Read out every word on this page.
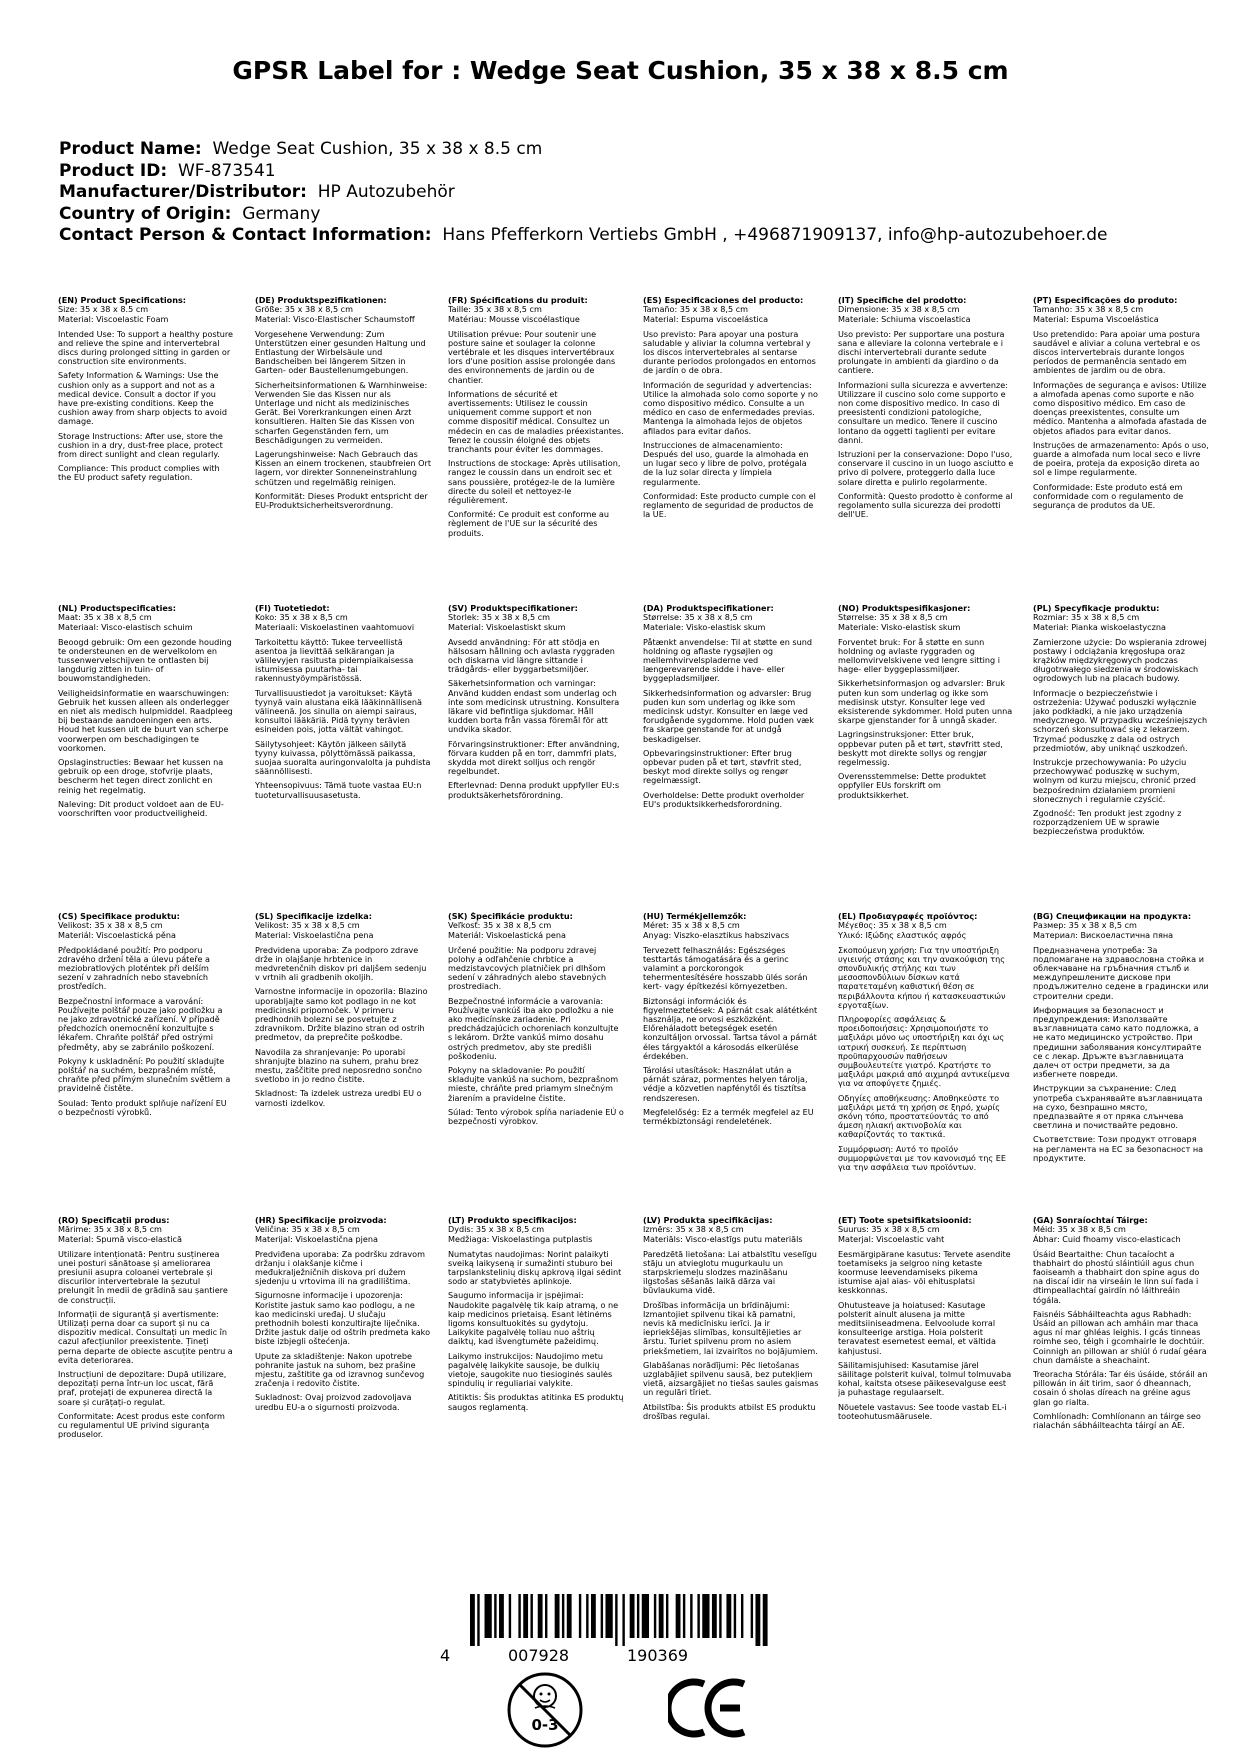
GPSR Label for : Wedge Seat Cushion, 35 x 38 x 8.5 cm
Product Name: Wedge Seat Cushion, 35 x 38 x 8.5 cm
Product ID: WF-873541
Manufacturer/Distributor: HP Autozubehör
Country of Origin: Germany
Contact Person & Contact Information: Hans Pfefferkorn Vertiebs GmbH , +496871909137, info@hp-autozubehoer.de
(EN) Product Specifications:

Size: 35 x 38 x 8.5 cm

Material: Viscoelastic Foam

Intended Use: To support a healthy posture and relieve the spine and intervertebral discs during prolonged sitting in garden or construction site environments.

Safety Information & Warnings: Use the cushion only as a support and not as a medical device. Consult a doctor if you have pre-existing conditions. Keep the cushion away from sharp objects to avoid damage.

Storage Instructions: After use, store the cushion in a dry, dust-free place, protect from direct sunlight and clean regularly.

Compliance: This product complies with the EU product safety regulation.

(DE) Produktspezifikationen:

Größe: 35 x 38 x 8,5 cm

Material: Visco-Elastischer Schaumstoff

Vorgesehene Verwendung: Zum Unterstützen einer gesunden Haltung und Entlastung der Wirbelsäule und Bandscheiben bei längerem Sitzen in Garten- oder Baustellenumgebungen.

Sicherheitsinformationen & Warnhinweise: Verwenden Sie das Kissen nur als Unterlage und nicht als medizinisches Gerät. Bei Vorerkrankungen einen Arzt konsultieren. Halten Sie das Kissen von scharfen Gegenständen fern, um Beschädigungen zu vermeiden.

Lagerungshinweise: Nach Gebrauch das Kissen an einem trockenen, staubfreien Ort lagern, vor direkter Sonneneinstrahlung schützen und regelmäßig reinigen.

Konformität: Dieses Produkt entspricht der EU-Produktsicherheitsverordnung.

(FR) Spécifications du produit:

Taille: 35 x 38 x 8,5 cm

Matériau: Mousse viscoélastique

Utilisation prévue: Pour soutenir une posture saine et soulager la colonne vertébrale et les disques intervertébraux lors d'une position assise prolongée dans des environnements de jardin ou de chantier.

Informations de sécurité et avertissements: Utilisez le coussin uniquement comme support et non comme dispositif médical. Consultez un médecin en cas de maladies préexistantes. Tenez le coussin éloigné des objets tranchants pour éviter les dommages.

Instructions de stockage: Après utilisation, rangez le coussin dans un endroit sec et sans poussière, protégez-le de la lumière directe du soleil et nettoyez-le régulièrement.

Conformité: Ce produit est conforme au règlement de l'UE sur la sécurité des produits.

(ES) Especificaciones del producto:

Tamaño: 35 x 38 x 8,5 cm

Material: Espuma viscoelástica

Uso previsto: Para apoyar una postura saludable y aliviar la columna vertebral y los discos intervertebrales al sentarse durante periodos prolongados en entornos de jardín o de obra.

Información de seguridad y advertencias: Utilice la almohada solo como soporte y no como dispositivo médico. Consulte a un médico en caso de enfermedades previas. Mantenga la almohada lejos de objetos afilados para evitar daños.

Instrucciones de almacenamiento: Después del uso, guarde la almohada en un lugar seco y libre de polvo, protégala de la luz solar directa y límpiela regularmente.

Conformidad: Este producto cumple con el reglamento de seguridad de productos de la UE.

(IT) Specifiche del prodotto:

Dimensione: 35 x 38 x 8,5 cm

Materiale: Schiuma viscoelastica

Uso previsto: Per supportare una postura sana e alleviare la colonna vertebrale e i dischi intervertebrali durante sedute prolungate in ambienti da giardino o da cantiere.

Informazioni sulla sicurezza e avvertenze: Utilizzare il cuscino solo come supporto e non come dispositivo medico. In caso di preesistenti condizioni patologiche, consultare un medico. Tenere il cuscino lontano da oggetti taglienti per evitare danni.

Istruzioni per la conservazione: Dopo l'uso, conservare il cuscino in un luogo asciutto e privo di polvere, proteggerlo dalla luce solare diretta e pulirlo regolarmente.

Conformità: Questo prodotto è conforme al regolamento sulla sicurezza dei prodotti dell'UE.

(PT) Especificações do produto:

Tamanho: 35 x 38 x 8,5 cm

Material: Espuma Viscoelástica

Uso pretendido: Para apoiar uma postura saudável e aliviar a coluna vertebral e os discos intervertebrais durante longos períodos de permanência sentado em ambientes de jardim ou de obra.

Informações de segurança e avisos: Utilize a almofada apenas como suporte e não como dispositivo médico. Em caso de doenças preexistentes, consulte um médico. Mantenha a almofada afastada de objetos afiados para evitar danos.

Instruções de armazenamento: Após o uso, guarde a almofada num local seco e livre de poeira, proteja da exposição direta ao sol e limpe regularmente.

Conformidade: Este produto está em conformidade com o regulamento de segurança de produtos da UE.

(NL) Productspecificaties:

Maat: 35 x 38 x 8,5 cm

Materiaal: Visco-elastisch schuim

Beoogd gebruik: Om een gezonde houding te ondersteunen en de wervelkolom en tussenwervelschijven te ontlasten bij langdurig zitten in tuin- of bouwomstandigheden.

Veiligheidsinformatie en waarschuwingen: Gebruik het kussen alleen als onderlegger en niet als medisch hulpmiddel. Raadpleeg bij bestaande aandoeningen een arts. Houd het kussen uit de buurt van scherpe voorwerpen om beschadigingen te voorkomen.

Opslaginstructies: Bewaar het kussen na gebruik op een droge, stofvrije plaats, bescherm het tegen direct zonlicht en reinig het regelmatig.

Naleving: Dit product voldoet aan de EU-voorschriften voor productveiligheid.

(FI) Tuotetiedot:

Koko: 35 x 38 x 8,5 cm

Materiaali: Viskoelastinen vaahtomuovi

Tarkoitettu käyttö: Tukee terveellistä asentoa ja lievittää selkärangan ja välilevyjen rasitusta pidempiaikaisessa istumisessa puutarha- tai rakennustyöympäristössä.

Turvallisuustiedot ja varoitukset: Käytä tyynyä vain alustana eikä lääkinnällisenä välineenä. Jos sinulla on aiempi sairaus, konsultoi lääkäriä. Pidä tyyny terävien esineiden pois, jotta vältät vahingot.

Säilytysohjeet: Käytön jälkeen säilytä tyyny kuivassa, pölyttömässä paikassa, suojaa suoralta auringonvalolta ja puhdista säännöllisesti.

Yhteensopivuus: Tämä tuote vastaa EU:n tuoteturvallisuusasetusta.

(SV) Produktspecifikationer:

Storlek: 35 x 38 x 8,5 cm

Material: Viskoelastiskt skum

Avsedd användning: För att stödja en hälsosam hållning och avlasta ryggraden och diskarna vid längre sittande i trädgårds- eller byggarbetsmiljöer.

Säkerhetsinformation och varningar: Använd kudden endast som underlag och inte som medicinsk utrustning. Konsultera läkare vid befintliga sjukdomar. Håll kudden borta från vassa föremål för att undvika skador.

Förvaringsinstruktioner: Efter användning, förvara kudden på en torr, dammfri plats, skydda mot direkt solljus och rengör regelbundet.

Efterlevnad: Denna produkt uppfyller EU:s produktsäkerhetsförordning.

(DA) Produktspecifikationer:

Størrelse: 35 x 38 x 8,5 cm

Materiale: Visko-elastisk skum

Påtænkt anvendelse: Til at støtte en sund holdning og aflaste rygsøjlen og mellemhvirvelspladerne ved længerevarende sidde i have- eller byggepladsmiljøer.

Sikkerhedsinformation og advarsler: Brug puden kun som underlag og ikke som medicinsk udstyr. Konsulter en læge ved forudgående sygdomme. Hold puden væk fra skarpe genstande for at undgå beskadigelser.

Opbevaringsinstruktioner: Efter brug opbevar puden på et tørt, støvfrit sted, beskyt mod direkte sollys og rengør regelmæssigt.

Overholdelse: Dette produkt overholder EU's produktsikkerhedsforordning.

(NO) Produktspesifikasjoner:

Størrelse: 35 x 38 x 8,5 cm

Materiale: Visko-elastisk skum

Forventet bruk: For å støtte en sunn holdning og avlaste ryggraden og mellomvirvelskivene ved lengre sitting i hage- eller byggeplassmiljøer.

Sikkerhetsinformasjon og advarsler: Bruk puten kun som underlag og ikke som medisinsk utstyr. Konsulter lege ved eksisterende sykdommer. Hold puten unna skarpe gjenstander for å unngå skader.

Lagringsinstruksjoner: Etter bruk, oppbevar puten på et tørt, støvfritt sted, beskytt mot direkte sollys og rengjør regelmessig.

Overensstemmelse: Dette produktet oppfyller EUs forskrift om produktsikkerhet.

(PL) Specyfikacje produktu:

Rozmiar: 35 x 38 x 8,5 cm

Materiał: Pianka wiskoelastyczna

Zamierzone użycie: Do wspierania zdrowej postawy i odciążania kręgosłupa oraz krążków międzykręgowych podczas długotrwałego siedzenia w środowiskach ogrodowych lub na placach budowy.

Informacje o bezpieczeństwie i ostrzeżenia: Używać poduszki wyłącznie jako podkładki, a nie jako urządzenia medycznego. W przypadku wcześniejszych schorzeń skonsultować się z lekarzem. Trzymać poduszkę z dala od ostrych przedmiotów, aby uniknąć uszkodzeń.

Instrukcje przechowywania: Po użyciu przechowywać poduszkę w suchym, wolnym od kurzu miejscu, chronić przed bezpośrednim działaniem promieni słonecznych i regularnie czyścić.

Zgodność: Ten produkt jest zgodny z rozporządzeniem UE w sprawie bezpieczeństwa produktów.

(CS) Specifikace produktu:

Velikost: 35 x 38 x 8,5 cm

Materiál: Viscoelastická pěna

Předpokládané použití: Pro podporu zdravého držení těla a úlevu páteře a meziobratlových ploténtek při delším sezení v zahradních nebo stavebních prostředích.

Bezpečnostní informace a varování: Používejte polštář pouze jako podložku a ne jako zdravotnické zařízení. V případě předchozích onemocnění konzultujte s lékařem. Chraňte polštář před ostrými předměty, aby se zabránilo poškození.

Pokyny k uskladnění: Po použití skladujte polštář na suchém, bezprašném místě, chraňte před přímým slunečním světlem a pravidelně čistěte.

Soulad: Tento produkt splňuje nařízení EU o bezpečnosti výrobků.

(SL) Specifikacije izdelka:

Velikost: 35 x 38 x 8,5 cm

Material: Viskoelastična pena

Predvidena uporaba: Za podporo zdrave drže in olajšanje hrbtenice in medvretenčnih diskov pri daljšem sedenju v vrtnih ali gradbenih okoljih.

Varnostne informacije in opozorila: Blazino uporabljajte samo kot podlago in ne kot medicinski pripomoček. V primeru predhodnih bolezni se posvetujte z zdravnikom. Držite blazino stran od ostrih predmetov, da preprečite poškodbe.

Navodila za shranjevanje: Po uporabi shranjujte blazino na suhem, prahu brez mestu, zaščitite pred neposredno sončno svetlobo in jo redno čistite.

Skladnost: Ta izdelek ustreza uredbi EU o varnosti izdelkov.

(SK) Špecifikácie produktu:

Veľkosť: 35 x 38 x 8,5 cm

Materiál: Viskoelastická pena

Určené použitie: Na podporu zdravej polohy a odľahčenie chrbtice a medzistavcových platničiek pri dlhšom sedení v záhradných alebo stavebných prostrediach.

Bezpečnostné informácie a varovania: Používajte vankúš iba ako podložku a nie ako medicínske zariadenie. Pri predchádzajúcich ochoreniach konzultujte s lekárom. Držte vankúš mimo dosahu ostrých predmetov, aby ste predišli poškodeniu.

Pokyny na skladovanie: Po použití skladujte vankúš na suchom, bezprašnom mieste, chráňte pred priamym slnečným žiarením a pravidelne čistite.

Súlad: Tento výrobok spĺňa nariadenie EÚ o bezpečnosti výrobkov.

(HU) Termékjellemzők:

Méret: 35 x 38 x 8,5 cm

Anyag: Viszko-elasztikus habszivacs

Tervezett felhasználás: Egészséges testtartás támogatására és a gerinc valamint a porckorongok tehermentesítésére hosszabb ülés során kert- vagy építkezési környezetben.

Biztonsági információk és figyelmeztetések: A párnát csak alátétként használja, ne orvosi eszközként. Előreháladott betegségek esetén konzultáljon orvossal. Tartsa távol a párnát éles tárgyaktól a károsodás elkerülése érdekében.

Tárolási utasítások: Használat után a párnát száraz, pormentes helyen tárolja, védje a közvetlen napfénytől és tisztítsa rendszeresen.

Megfelelőség: Ez a termék megfelel az EU termékbiztonsági rendeletének.

(EL) Προδιαγραφές προϊόντος:

Μέγεθος: 35 x 38 x 8,5 cm

Υλικό: Ιξώδης ελαστικός αφρός

Σκοπούμενη χρήση: Για την υποστήριξη υγιεινής στάσης και την ανακούφιση της σπονδυλικής στήλης και των μεσοσπονδύλιων δίσκων κατά παρατεταμένη καθιστική θέση σε περιβάλλοντα κήπου ή κατασκευαστικών εργοταξίων.

Πληροφορίες ασφάλειας & προειδοποιήσεις: Χρησιμοποιήστε το μαξιλάρι μόνο ως υποστήριξη και όχι ως ιατρική συσκευή. Σε περίπτωση προϋπαρχουσών παθήσεων συμβουλευτείτε γιατρό. Κρατήστε το μαξιλάρι μακριά από αιχμηρά αντικείμενα για να αποφύγετε ζημιές.

Οδηγίες αποθήκευσης: Αποθηκεύστε το μαξιλάρι μετά τη χρήση σε ξηρό, χωρίς σκόνη τόπο, προστατεύοντάς το από άμεση ηλιακή ακτινοβολία και καθαρίζοντάς το τακτικά.

Συμμόρφωση: Αυτό το προϊόν συμμορφώνεται με τον κανονισμό της ΕΕ για την ασφάλεια των προϊόντων.

(BG) Спецификации на продукта:

Размер: 35 x 38 x 8,5 cm

Материал: Вискоеластична пяна

Предназначена употреба: За подпомагане на здравословна стойка и облекчаване на гръбначния стълб и междупрешлените дискове при продължително седене в градински или строителни среди.

Информация за безопасност и предупреждения: Използвайте възглавницата само като подложка, а не като медицинско устройство. При предишни заболявания консултирайте се с лекар. Дръжте възглавницата далеч от остри предмети, за да избегнете повреди.

Инструкции за съхранение: След употреба съхранявайте възглавницата на сухо, безпрашно място, предпазвайте я от пряка слънчева светлина и почиствайте редовно.

Съответствие: Този продукт отговаря на регламента на ЕС за безопасност на продуктите.

(RO) Specificații produs:

Mărime: 35 x 38 x 8,5 cm

Material: Spumă visco-elastică

Utilizare intenționată: Pentru susținerea unei posturi sănătoase și ameliorarea presiunii asupra coloanei vertebrale și discurilor intervertebrale la șezutul prelungit în medii de grădină sau șantiere de construcții.

Informații de siguranță și avertismente: Utilizați perna doar ca suport și nu ca dispozitiv medical. Consultați un medic în cazul afecțiunilor preexistente. Țineți perna departe de obiecte ascuțite pentru a evita deteriorarea.

Instrucțiuni de depozitare: După utilizare, depozitați perna într-un loc uscat, fără praf, protejați de expunerea directă la soare și curățați-o regulat.

Conformitate: Acest produs este conform cu regulamentul UE privind siguranța produselor.

(HR) Specifikacije proizvoda:

Veličina: 35 x 38 x 8,5 cm

Materijal: Viskoelastična pjena

Predviđena uporaba: Za podršku zdravom držanju i olakšanje kičme i međukralježničnih diskova pri dužem sjedenju u vrtovima ili na gradilištima.

Sigurnosne informacije i upozorenja: Koristite jastuk samo kao podlogu, a ne kao medicinski uređaj. U slučaju prethodnih bolesti konzultirajte liječnika. Držite jastuk dalje od oštrih predmeta kako biste izbjegli oštećenja.

Upute za skladištenje: Nakon upotrebe pohranite jastuk na suhom, bez prašine mjestu, zaštitite ga od izravnog sunčevog zračenja i redovito čistite.

Sukladnost: Ovaj proizvod zadovoljava uredbu EU-a o sigurnosti proizvoda.

(LT) Produkto specifikacijos:

Dydis: 35 x 38 x 8,5 cm

Medžiaga: Viskoelastinga putplastis

Numatytas naudojimas: Norint palaikyti sveiką laikyseną ir sumažinti stuburo bei tarpslankstelinių diskų apkrovą ilgai sėdint sodo ar statybvietės aplinkoje.

Saugumo informacija ir įspėjimai: Naudokite pagalvėlę tik kaip atramą, o ne kaip medicinos prietaisą. Esant lėtinėms ligoms konsultuokitės su gydytoju. Laikykite pagalvėlę toliau nuo aštrių daiktų, kad išvengtumėte pažeidimų.

Laikymo instrukcijos: Naudojimo metu pagalvėlę laikykite sausoje, be dulkių vietoje, saugokite nuo tiesioginės saulės spindulių ir reguliariai valykite.

Atitiktis: Šis produktas atitinka ES produktų saugos reglamentą.

(LV) Produkta specifikācijas:

Izmērs: 35 x 38 x 8,5 cm

Materiāls: Visco-elastīgs putu materiāls

Paredzētā lietošana: Lai atbalstītu veselīgu stāju un atvieglotu mugurkaulu un starpskriemeļu slodzes mazināšanu ilgstošas sēšanās laikā dārza vai būvlaukuma vidē.

Drošības informācija un brīdinājumi: Izmantojiet spilvenu tikai kā pamatni, nevis kā medicīnisku ierīci. Ja ir iepriekšējas slimības, konsultējieties ar ārstu. Turiet spilvenu prom no asiem priekšmetiem, lai izvairītos no bojājumiem.

Glabāšanas norādījumi: Pēc lietošanas uzglabājiet spilvenu sausā, bez putekļiem vietā, aizsargājiet no tiešas saules gaismas un regulāri tīriet.

Atbilstība: Šis produkts atbilst ES produktu drošības regulai.

(ET) Toote spetsifikatsioonid:

Suurus: 35 x 38 x 8,5 cm

Materjal: Viscoelastic vaht

Eesmärgipärane kasutus: Tervete asendite toetamiseks ja selgroo ning ketaste koormuse leevendamiseks pikema istumise ajal aias- või ehitusplatsi keskkonnas.

Ohutusteave ja hoiatused: Kasutage polsterit ainult alusena ja mitte meditsiiniseadmena. Eelvoolude korral konsulteerige arstiga. Hoia polsterit teravatest esemetest eemal, et vältida kahjustusi.

Säilitamisjuhised: Kasutamise järel säilitage polsterit kuival, tolmul tolmuvaba kohal, kaitsta otsese päikesevalguse eest ja puhastage regulaarselt.

Nõuetele vastavus: See toode vastab EL-i tooteohutusmäärusele.

(GA) Sonraíochtaí Táirge:

Méid: 35 x 38 x 8,5 cm

Ábhar: Cuid fhoamy visco-elasticach

Úsáid Beartaithe: Chun tacaíocht a thabhairt do phostú sláintiúil agus chun faoiseamh a thabhairt don spine agus do na discaí idir na virseáin le linn suí fada i dtimpeallachtaí gairdín nó láithreáin tógála.

Faisnéis Sábháilteachta agus Rabhadh: Úsáid an pillowan ach amháin mar thaca agus ní mar ghléas leighis. I gcás tinneas roimhe seo, téigh i gcomhairle le dochtúir. Coinnigh an pillowan ar shiúl ó rudaí géara chun damáiste a sheachaint.

Treoracha Stórála: Tar éis úsáide, stóráil an pillowán in áit tirim, saor ó dheannach, cosain ó sholas díreach na gréine agus glan go rialta.

Comhlíonadh: Comhlíonann an táirge seo rialachán sábháilteachta táirgí an AE.

4	007928	190369
0-3
